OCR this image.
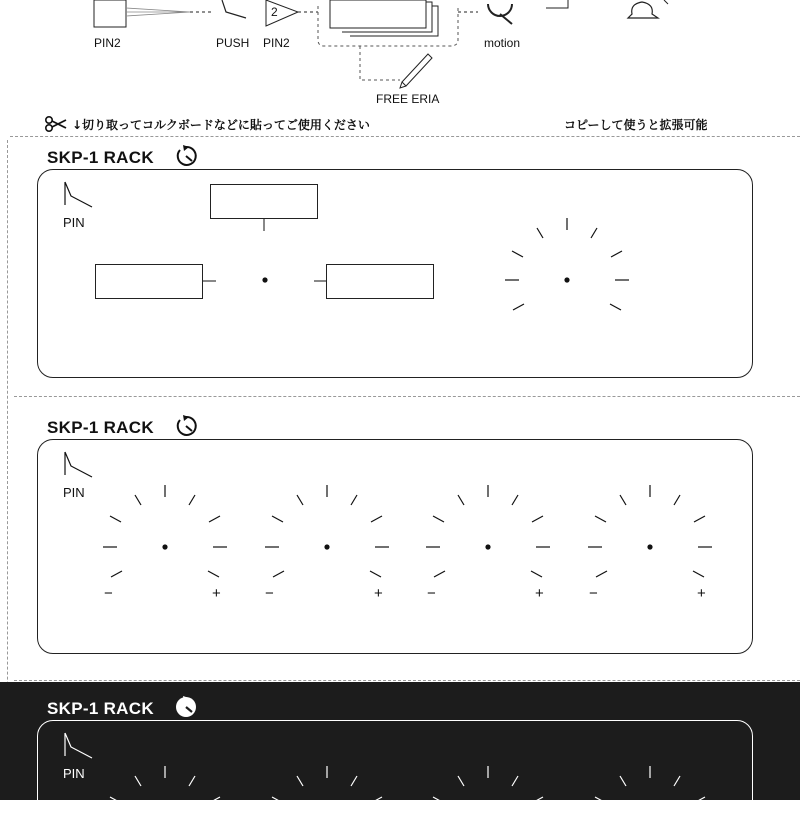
PIN2	PUSH
2
PIN2	motion
FREE ERIA
↓切り取ってコルクボードなどに貼ってご使用ください	コピーして使うと拡張可能
SKP-1 RACK
PIN
SKP-1 RACK
PIN
−	+	−	+	−	+	−	+
SKP-1 RACK
PIN
